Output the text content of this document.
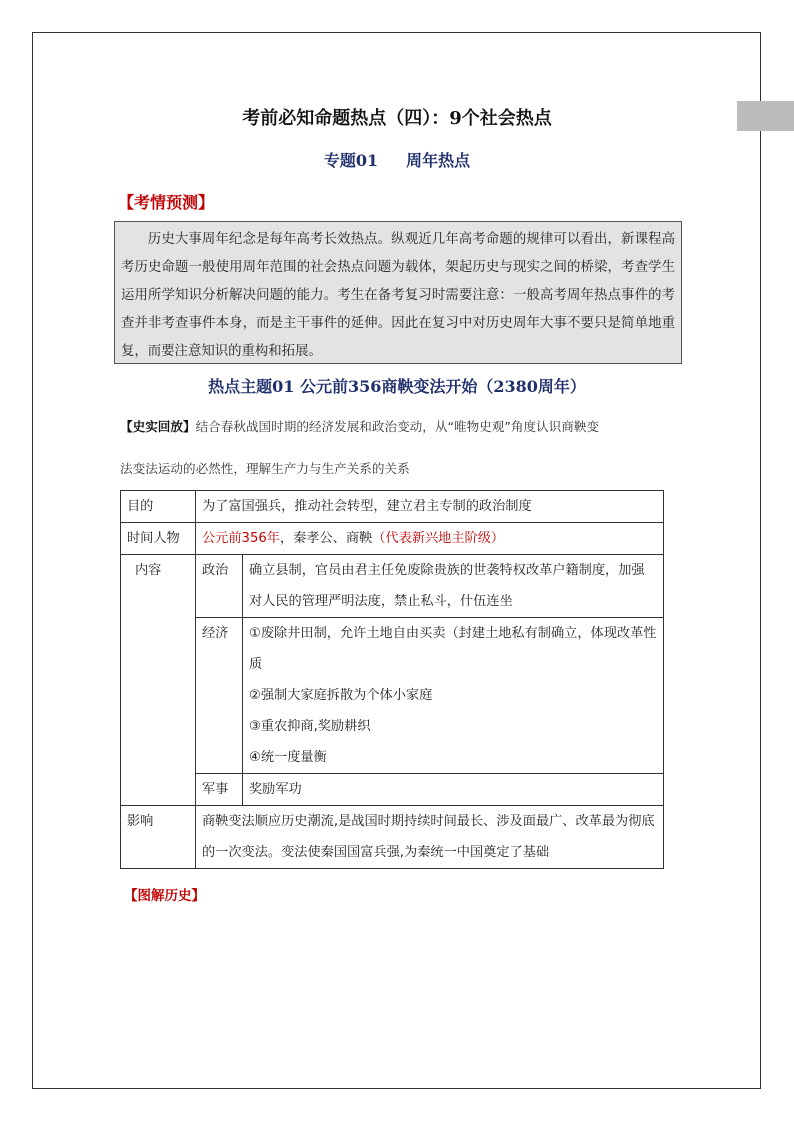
考前必知命题热点（四）：9个社会热点
专题01 周年热点
【考情预测】
历史大事周年纪念是每年高考长效热点。纵观近几年高考命题的规律可以看出，新课程高考历史命题一般使用周年范围的社会热点问题为载体，架起历史与现实之间的桥梁，考查学生运用所学知识分析解决问题的能力。考生在备考复习时需要注意：一般高考周年热点事件的考查并非考查事件本身，而是主干事件的延伸。因此在复习中对历史周年大事不要只是简单地重复，而要注意知识的重构和拓展。
热点主题01 公元前356商鞅变法开始（2380周年）
【史实回放】结合春秋战国时期的经济发展和政治变动，从“唯物史观”角度认识商鞅变
法变法运动的必然性，理解生产力与生产关系的关系
目的	为了富国强兵，推动社会转型，建立君主专制的政治制度	
时间人物	公元前356年，秦孝公、商鞅（代表新兴地主阶级）	
内容	政治	确立县制，官员由君主任免废除贵族的世袭特权改革户籍制度，加强对人民的管理严明法度，禁止私斗，什伍连坐
	经济	①废除井田制，允许土地自由买卖（封建土地私有制确立，体现改革性质
②强制大家庭拆散为个体小家庭
③重农抑商,奖励耕织
④统一度量衡

	军事	奖励军功
影响	商鞅变法顺应历史潮流,是战国时期持续时间最长、涉及面最广、改革最为彻底的一次变法。变法使秦国国富兵强,为秦统一中国奠定了基础	
【图解历史】
